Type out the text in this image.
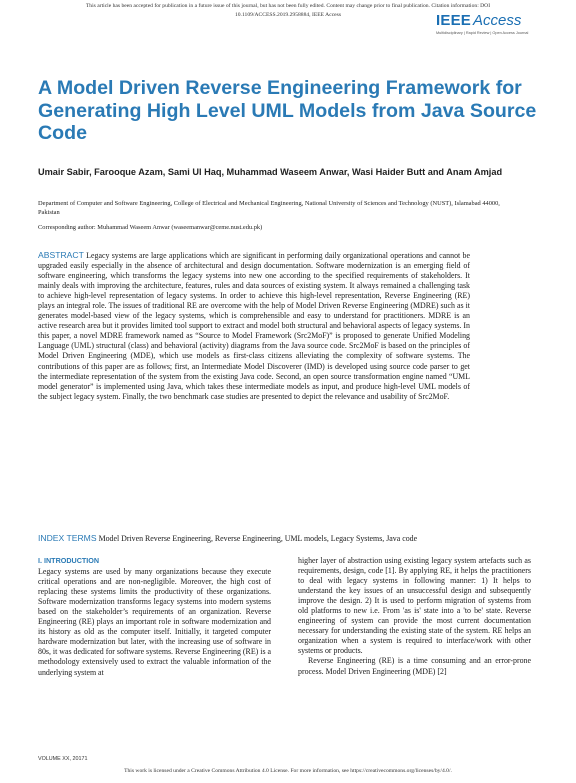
This article has been accepted for publication in a future issue of this journal, but has not been fully edited. Content may change prior to final publication. Citation information: DOI
10.1109/ACCESS.2019.2958884, IEEE Access	IEEE Access
Multidisciplinary | Rapid Review | Open Access Journal
A Model Driven Reverse Engineering Framework for Generating High Level UML Models from Java Source Code
Umair Sabir, Farooque Azam, Sami Ul Haq, Muhammad Waseem Anwar, Wasi Haider Butt and Anam Amjad
Department of Computer and Software Engineering, College of Electrical and Mechanical Engineering, National University of Sciences and Technology (NUST), Islamabad 44000, Pakistan
Corresponding author: Muhammad Waseem Anwar (waseemanwar@ceme.nust.edu.pk)
ABSTRACT Legacy systems are large applications which are significant in performing daily organizational operations and cannot be upgraded easily especially in the absence of architectural and design documentation. Software modernization is an emerging field of software engineering, which transforms the legacy systems into new one according to the specified requirements of stakeholders. It mainly deals with improving the architecture, features, rules and data sources of existing system. It always remained a challenging task to achieve high-level representation of legacy systems. In order to achieve this high-level representation, Reverse Engineering (RE) plays an integral role. The issues of traditional RE are overcome with the help of Model Driven Reverse Engineering (MDRE) such as it generates model-based view of the legacy systems, which is comprehensible and easy to understand for practitioners. MDRE is an active research area but it provides limited tool support to extract and model both structural and behavioral aspects of legacy systems. In this paper, a novel MDRE framework named as “Source to Model Framework (Src2MoF)” is proposed to generate Unified Modeling Language (UML) structural (class) and behavioral (activity) diagrams from the Java source code. Src2MoF is based on the principles of Model Driven Engineering (MDE), which use models as first-class citizens alleviating the complexity of software systems. The contributions of this paper are as follows; first, an Intermediate Model Discoverer (IMD) is developed using source code parser to get the intermediate representation of the system from the existing Java code. Second, an open source transformation engine named “UML model generator” is implemented using Java, which takes these intermediate models as input, and produce high-level UML models of the subject legacy system. Finally, the two benchmark case studies are presented to depict the relevance and usability of Src2MoF.
INDEX TERMS Model Driven Reverse Engineering, Reverse Engineering, UML models, Legacy Systems, Java code
I. INTRODUCTION

Legacy systems are used by many organizations because they execute critical operations and are non-negligible. Moreover, the high cost of replacing these systems limits the productivity of these organizations. Software modernization transforms legacy systems into modern systems based on the stakeholder’s requirements of an organization. Reverse Engineering (RE) plays an important role in software modernization and its history as old as the computer itself. Initially, it targeted computer hardware modernization but later, with the increasing use of software in 80s, it was dedicated for software systems. Reverse Engineering (RE) is a methodology extensively used to extract the valuable information of the underlying system at

higher layer of abstraction using existing legacy system artefacts such as requirements, design, code [1]. By applying RE, it helps the practitioners to deal with legacy systems in following manner: 1) It helps to understand the key issues of an unsuccessful design and subsequently improve the design. 2) It is used to perform migration of systems from old platforms to new i.e. From 'as is' state into a 'to be' state. Reverse engineering of system can provide the most current documentation necessary for understanding the existing state of the system. RE helps an organization when a system is required to interface/work with other systems or products.

Reverse Engineering (RE) is a time consuming and an error-prone process. Model Driven Engineering (MDE) [2]

VOLUME XX, 20171
This work is licensed under a Creative Commons Attribution 4.0 License. For more information, see https://creativecommons.org/licenses/by/4.0/.
